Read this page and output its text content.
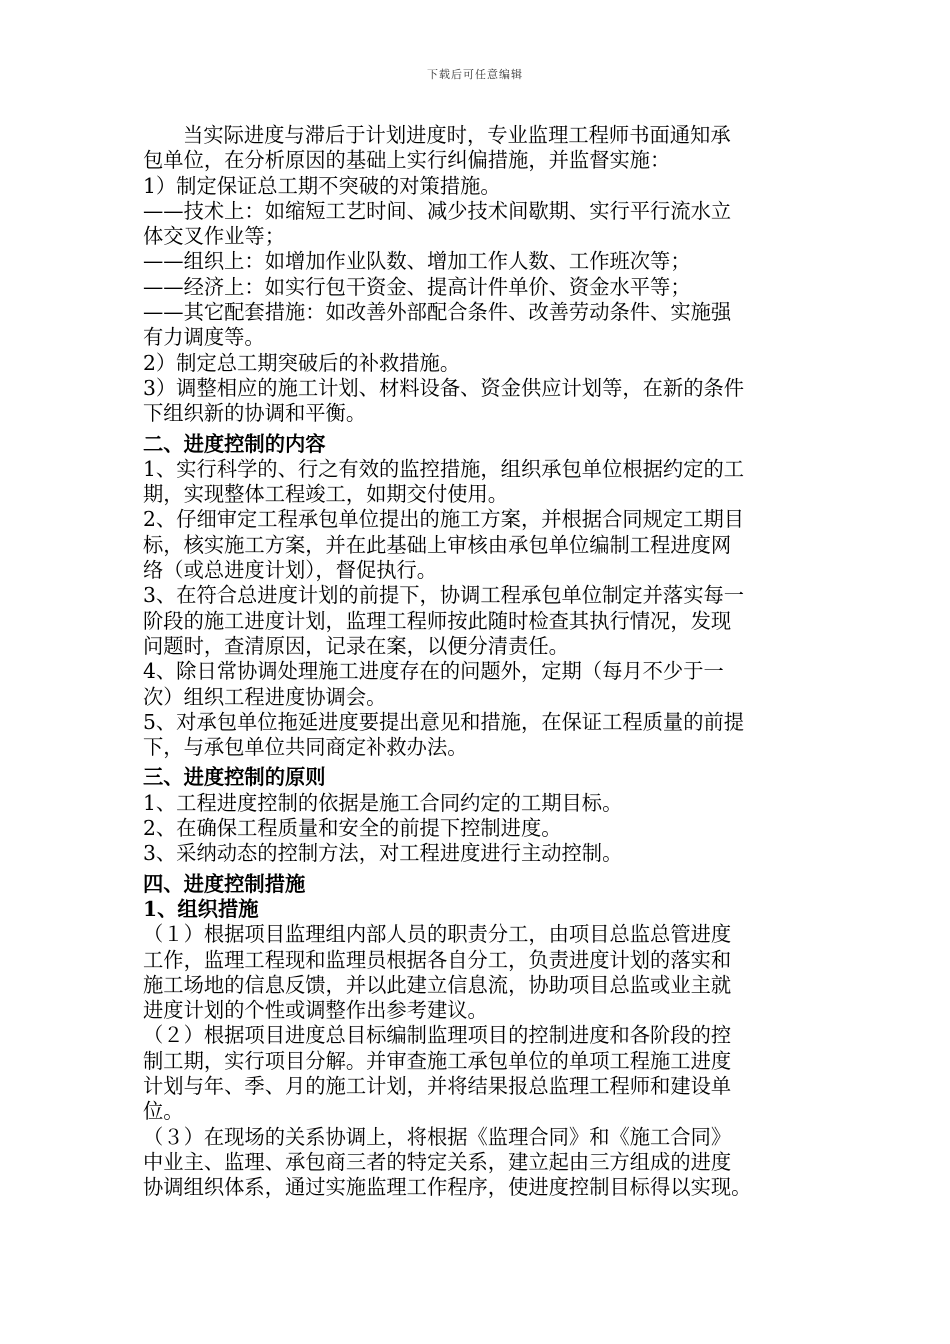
下载后可任意编辑

当实际进度与滞后于计划进度时，专业监理工程师书面通知承

包单位，在分析原因的基础上实行纠偏措施，并监督实施：

1）制定保证总工期不突破的对策措施。

——技术上：如缩短工艺时间、减少技术间歇期、实行平行流水立

体交叉作业等；

——组织上：如增加作业队数、增加工作人数、工作班次等；

——经济上：如实行包干资金、提高计件单价、资金水平等；

——其它配套措施：如改善外部配合条件、改善劳动条件、实施强

有力调度等。

2）制定总工期突破后的补救措施。

3）调整相应的施工计划、材料设备、资金供应计划等，在新的条件

下组织新的协调和平衡。

二、进度控制的内容

1、实行科学的、行之有效的监控措施，组织承包单位根据约定的工

期，实现整体工程竣工，如期交付使用。

2、仔细审定工程承包单位提出的施工方案，并根据合同规定工期目

标，核实施工方案，并在此基础上审核由承包单位编制工程进度网

络（或总进度计划），督促执行。

3、在符合总进度计划的前提下，协调工程承包单位制定并落实每一

阶段的施工进度计划，监理工程师按此随时检查其执行情况，发现

问题时，查清原因，记录在案，以便分清责任。

4、除日常协调处理施工进度存在的问题外，定期（每月不少于一

次）组织工程进度协调会。

5、对承包单位拖延进度要提出意见和措施，在保证工程质量的前提

下，与承包单位共同商定补救办法。

三、进度控制的原则

1、工程进度控制的依据是施工合同约定的工期目标。

2、在确保工程质量和安全的前提下控制进度。

3、采纳动态的控制方法，对工程进度进行主动控制。

四、进度控制措施

1、组织措施

（１）根据项目监理组内部人员的职责分工，由项目总监总管进度

工作，监理工程现和监理员根据各自分工，负责进度计划的落实和

施工场地的信息反馈，并以此建立信息流，协助项目总监或业主就

进度计划的个性或调整作出参考建议。

（２）根据项目进度总目标编制监理项目的控制进度和各阶段的控

制工期，实行项目分解。并审查施工承包单位的单项工程施工进度

计划与年、季、月的施工计划，并将结果报总监理工程师和建设单

位。

（３）在现场的关系协调上，将根据《监理合同》和《施工合同》

中业主、监理、承包商三者的特定关系，建立起由三方组成的进度

协调组织体系，通过实施监理工作程序，使进度控制目标得以实现。
